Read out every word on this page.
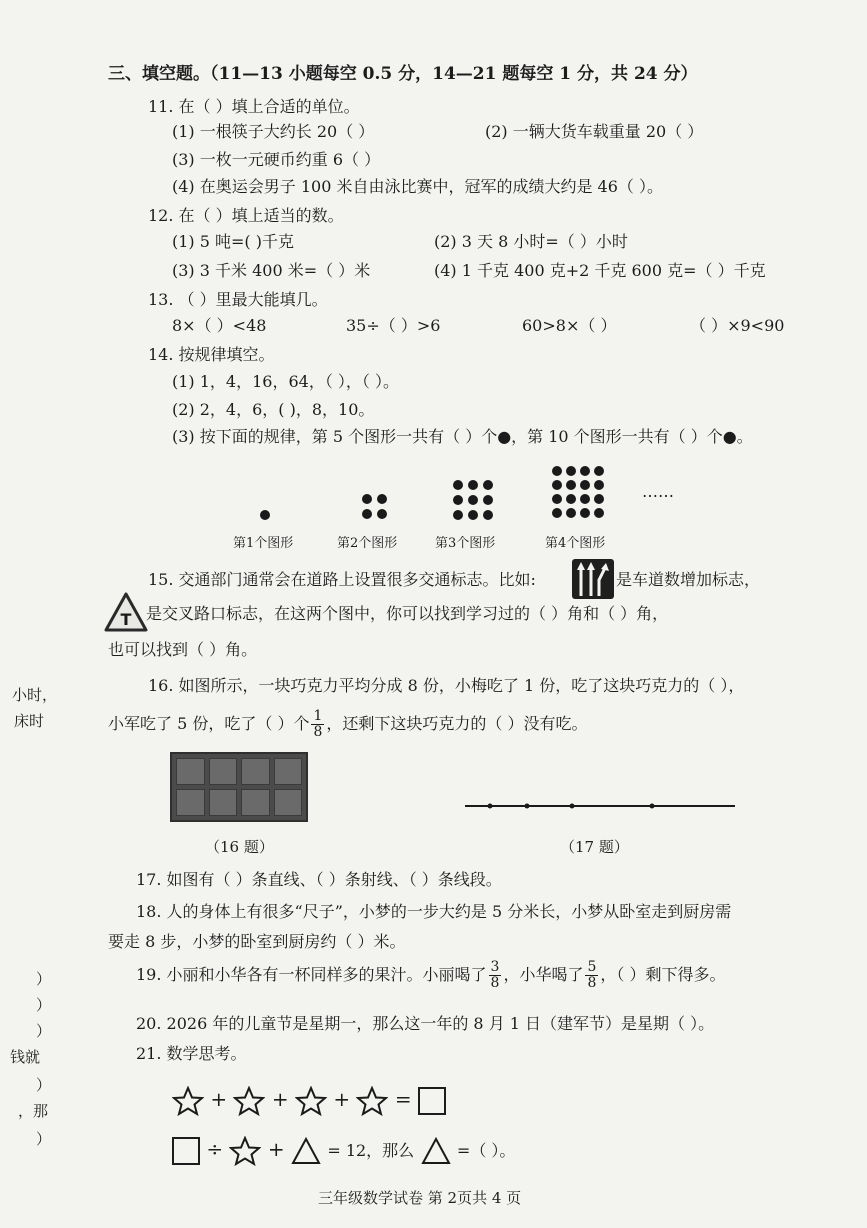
三、填空题。（11—13 小题每空 0.5 分，14—21 题每空 1 分，共 24 分）
11. 在（ ）填上合适的单位。
(1) 一根筷子大约长 20（ ）	(2) 一辆大货车载重量 20（ ）
(3) 一枚一元硬币约重 6（ ）
(4) 在奥运会男子 100 米自由泳比赛中，冠军的成绩大约是 46（ ）。
12. 在（ ）填上适当的数。
(1) 5 吨=( )千克	(2) 3 天 8 小时=（ ）小时
(3) 3 千米 400 米=（ ）米	(4) 1 千克 400 克+2 千克 600 克=（ ）千克
13. （ ）里最大能填几。
8×（ ）<48	35÷（ ）>6	60>8×（ ）	（ ）×9<90
14. 按规律填空。
(1) 1，4，16，64，（ ），（ ）。
(2) 2，4，6，( )，8，10。
(3) 按下面的规律，第 5 个图形一共有（ ）个●，第 10 个图形一共有（ ）个●。
……
第1个图形	第2个图形	第3个图形	第4个图形
15. 交通部门通常会在道路上设置很多交通标志。比如:	是车道数增加标志，
T 是交叉路口标志，在这两个图中，你可以找到学习过的（ ）角和（ ）角，
也可以找到（ ）角。
16. 如图所示，一块巧克力平均分成 8 份，小梅吃了 1 份，吃了这块巧克力的（ ），
小军吃了 5 份，吃了（ ）个 $\frac{1}{8}$ ，还剩下这块巧克力的（ ）没有吃。
（16 题）	（17 题）
17. 如图有（ ）条直线、（ ）条射线、（ ）条线段。
18. 人的身体上有很多“尺子”，小梦的一步大约是 5 分米长，小梦从卧室走到厨房需
要走 8 步，小梦的卧室到厨房约（ ）米。
19. 小丽和小华各有一杯同样多的果汁。小丽喝了 $\frac{3}{8}$ ，小华喝了 $\frac{5}{8}$ ，（ ）剩下得多。
20. 2026 年的儿童节是星期一，那么这一年的 8 月 1 日（建军节）是星期（ ）。
21. 数学思考。
+ + + =
÷ +	= 12，那么	=（ ）。
小时，
床时
）
）
）
钱就
）
，那
）
三年级数学试卷 第 2页共 4 页
